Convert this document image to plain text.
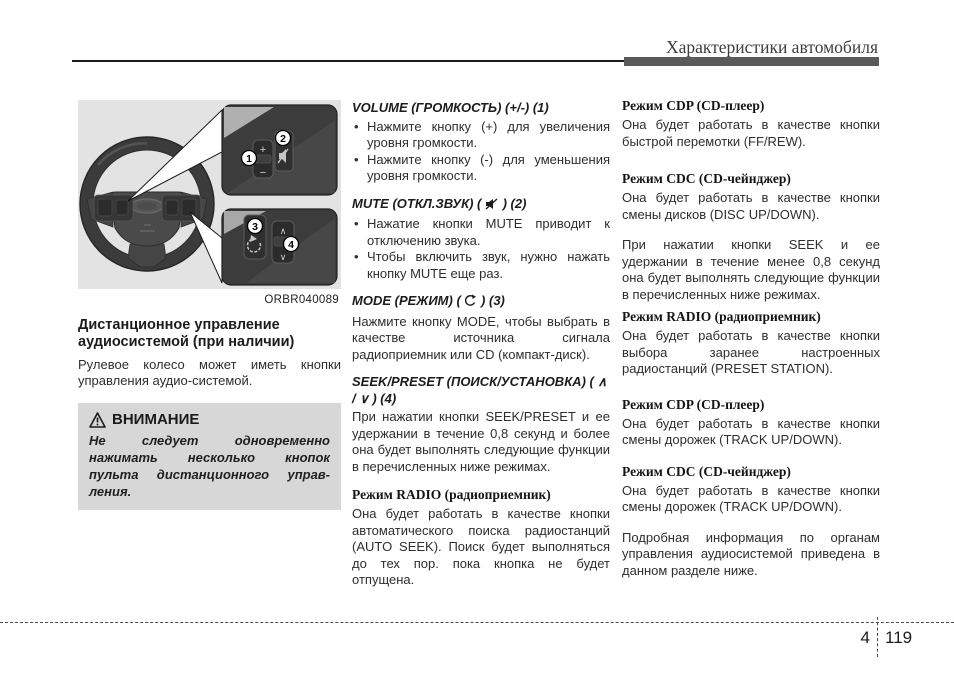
Характеристики автомобиля
+
−
∧
∨
1
2
3
4
ORBR040089
Дистанционное управление аудиосистемой (при наличии)

Рулевое колесо может иметь кнопки управления аудио-системой.

ВНИМАНИЕ
Не следует одновременно нажимать несколько кнопок пульта дистанционного управ-ления.
VOLUME (ГРОМКОСТЬ) (+/-) (1)
• Нажмите кнопку (+) для увеличения уровня громкости.
• Нажмите кнопку (-) для уменьшения уровня громкости.
MUTE (ОТКЛ.ЗВУК) ( ) (2)
• Нажатие кнопки MUTE приводит к отключению звука.
• Чтобы включить звук, нужно нажать кнопку MUTE еще раз.
MODE (РЕЖИМ) ( ) (3)

Нажмите кнопку MODE, чтобы выбрать в качестве источника сигнала радиоприемник или CD (компакт-диск).

SEEK/PRESET (ПОИСК/УСТАНОВКА) ( ∧ / ∨ ) (4)

При нажатии кнопки SEEK/PRESET и ее удержании в течение 0,8 секунд и более она будет выполнять следующие функции в перечисленных ниже режимах.

Режим RADIO (радиоприемник)

Она будет работать в качестве кнопки автоматического поиска радиостанций (AUTO SEEK). Поиск будет выполняться до тех пор. пока кнопка не будет отпущена.

Режим CDP (CD-плеер)

Она будет работать в качестве кнопки быстрой перемотки (FF/REW).

Режим CDC (CD-чейнджер)

Она будет работать в качестве кнопки смены дисков (DISC UP/DOWN).

При нажатии кнопки SEEK и ее удержании в течение менее 0,8 секунд она будет выполнять следующие функции в перечисленных ниже режимах.

Режим RADIO (радиоприемник)

Она будет работать в качестве кнопки выбора заранее настроенных радиостанций (PRESET STATION).

Режим CDP (CD-плеер)

Она будет работать в качестве кнопки смены дорожек (TRACK UP/DOWN).

Режим CDC (CD-чейнджер)

Она будет работать в качестве кнопки смены дорожек (TRACK UP/DOWN).

Подробная информация по органам управления аудиосистемой приведена в данном разделе ниже.

4 119
